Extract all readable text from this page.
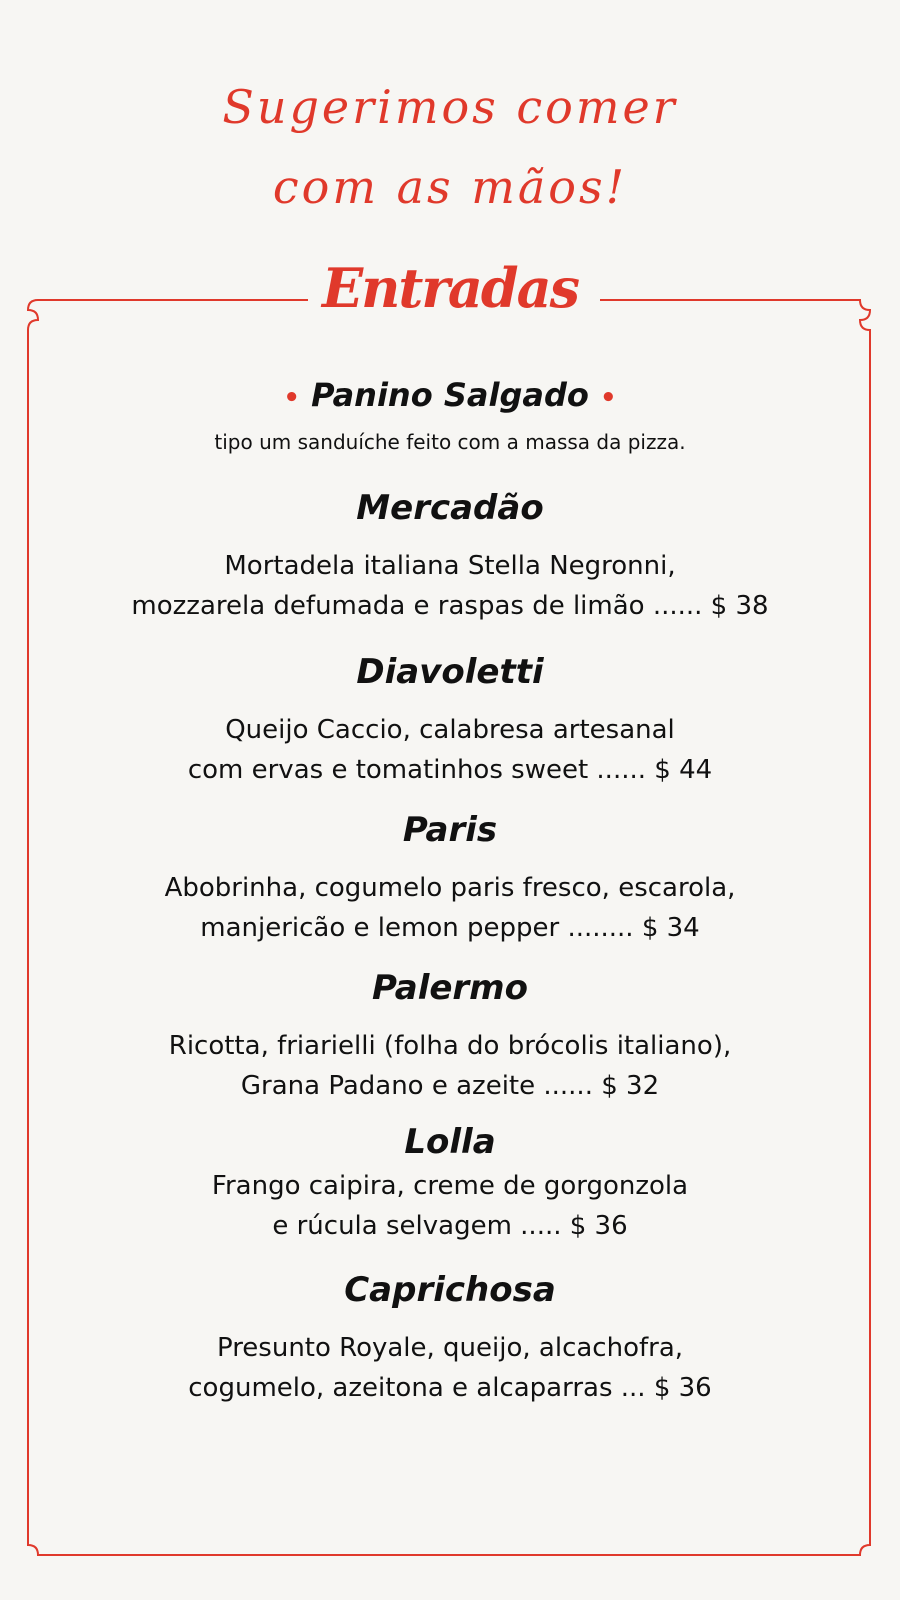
Sugerimos comer
com as mãos!
Entradas
• Panino Salgado •
tipo um sanduíche feito com a massa da pizza.
Mercadão
Mortadela italiana Stella Negronni,
mozzarela defumada e raspas de limão ...... $ 38
Diavoletti
Queijo Caccio, calabresa artesanal
com ervas e tomatinhos sweet ...... $ 44
Paris
Abobrinha, cogumelo paris fresco, escarola,
manjericão e lemon pepper ........ $ 34
Palermo
Ricotta, friarielli (folha do brócolis italiano),
Grana Padano e azeite ...... $ 32
Lolla
Frango caipira, creme de gorgonzola
e rúcula selvagem ..... $ 36
Caprichosa
Presunto Royale, queijo, alcachofra,
cogumelo, azeitona e alcaparras ... $ 36
